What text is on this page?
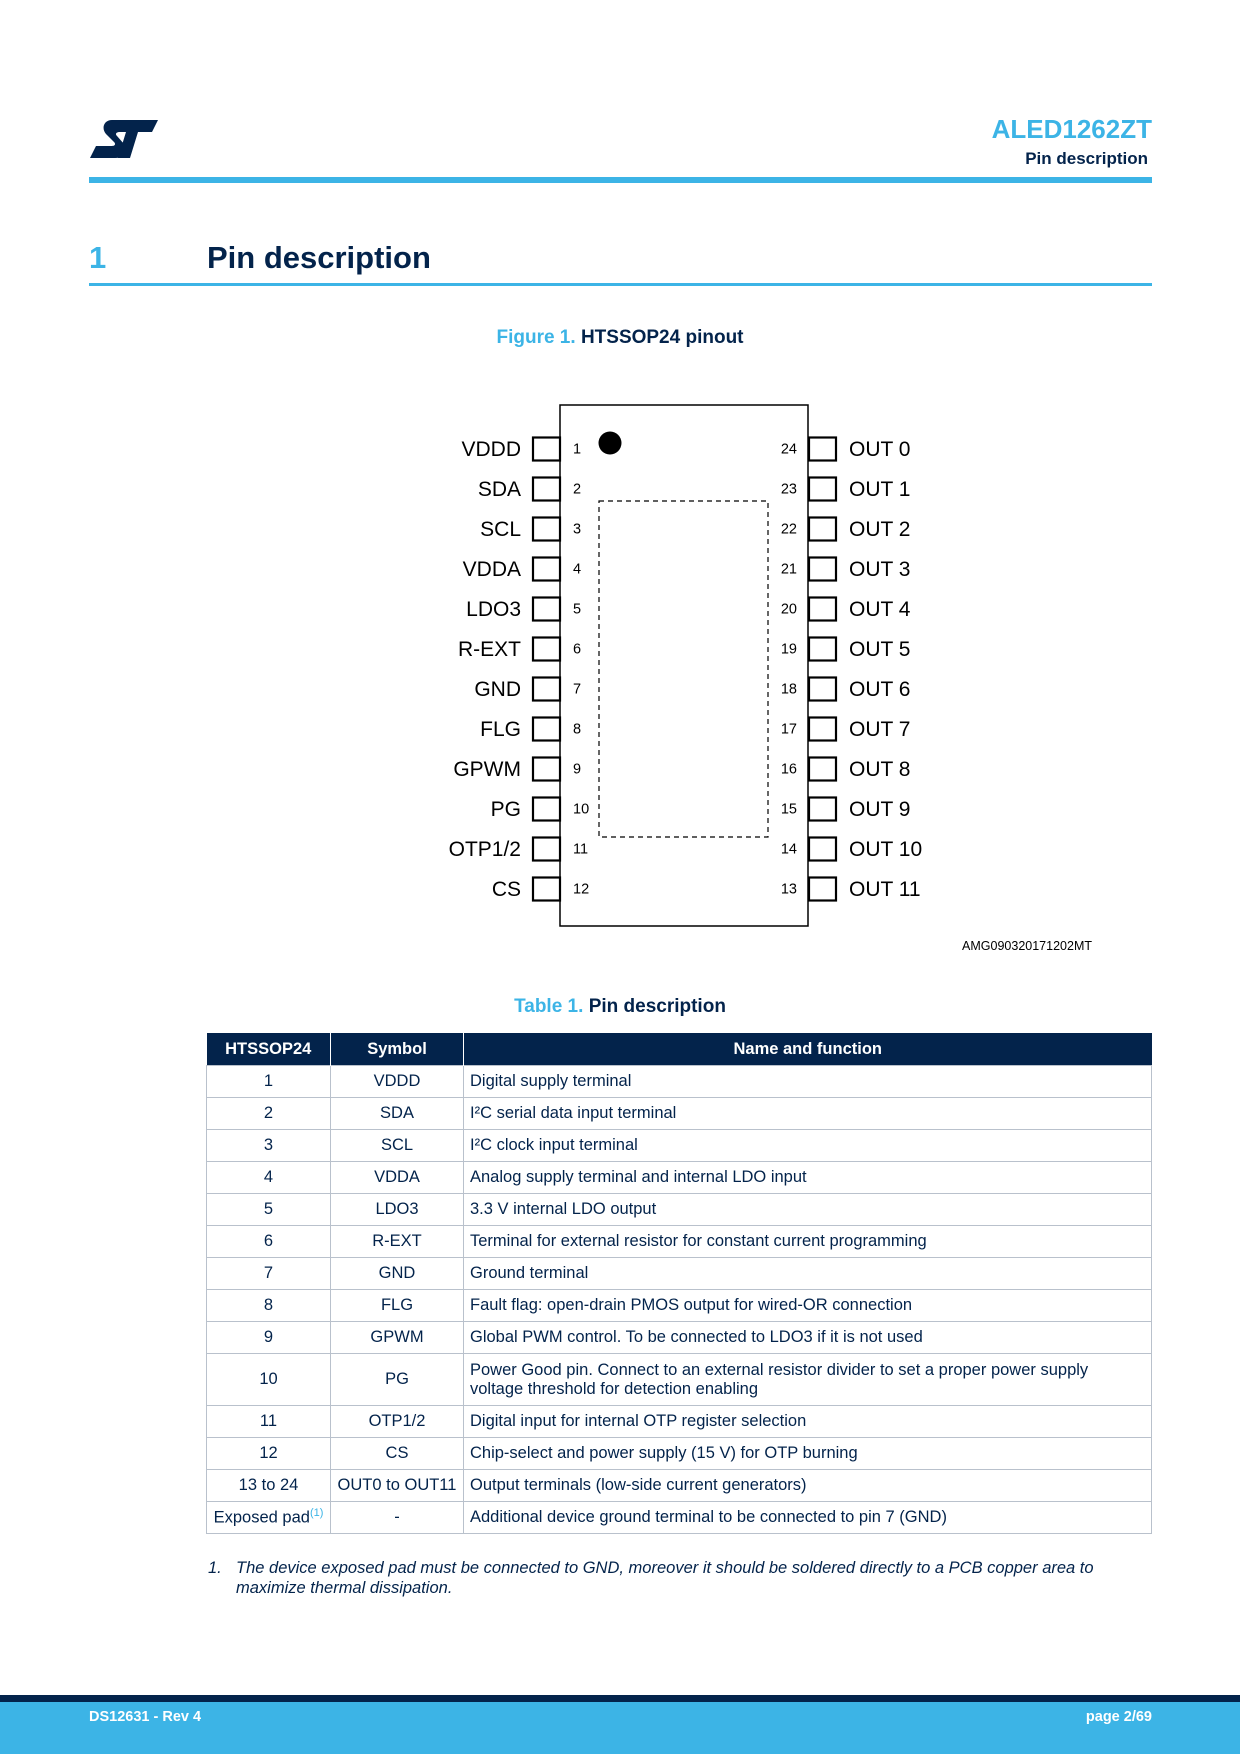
ALED1262ZT
Pin description
1	Pin description
Figure 1. HTSSOP24 pinout
VDDD	1
SDA	2
SCL	3
VDDA	4
LDO3	5
R-EXT	6
GND	7
FLG	8
GPWM	9
PG	10
OTP1/2	11
CS	12
OUT 0
24
OUT 1
23
OUT 2
22
OUT 3
21
OUT 4
20
OUT 5
19
OUT 6
18
OUT 7
17
OUT 8
16
OUT 9
15
OUT 10
14
OUT 11
13
AMG090320171202MT
Table 1. Pin description
HTSSOP24	Symbol	Name and function
1	VDDD	Digital supply terminal
2	SDA	I²C serial data input terminal
3	SCL	I²C clock input terminal
4	VDDA	Analog supply terminal and internal LDO input
5	LDO3	3.3 V internal LDO output
6	R-EXT	Terminal for external resistor for constant current programming
7	GND	Ground terminal
8	FLG	Fault flag: open-drain PMOS output for wired-OR connection
9	GPWM	Global PWM control. To be connected to LDO3 if it is not used
10	PG	Power Good pin. Connect to an external resistor divider to set a proper power supply voltage threshold for detection enabling
11	OTP1/2	Digital input for internal OTP register selection
12	CS	Chip-select and power supply (15 V) for OTP burning
13 to 24	OUT0 to OUT11	Output terminals (low-side current generators)
Exposed pad$^{(1)}$	-	Additional device ground terminal to be connected to pin 7 (GND)
1. The device exposed pad must be connected to GND, moreover it should be soldered directly to a PCB copper area to maximize thermal dissipation.
DS12631 - Rev 4	page 2/69
